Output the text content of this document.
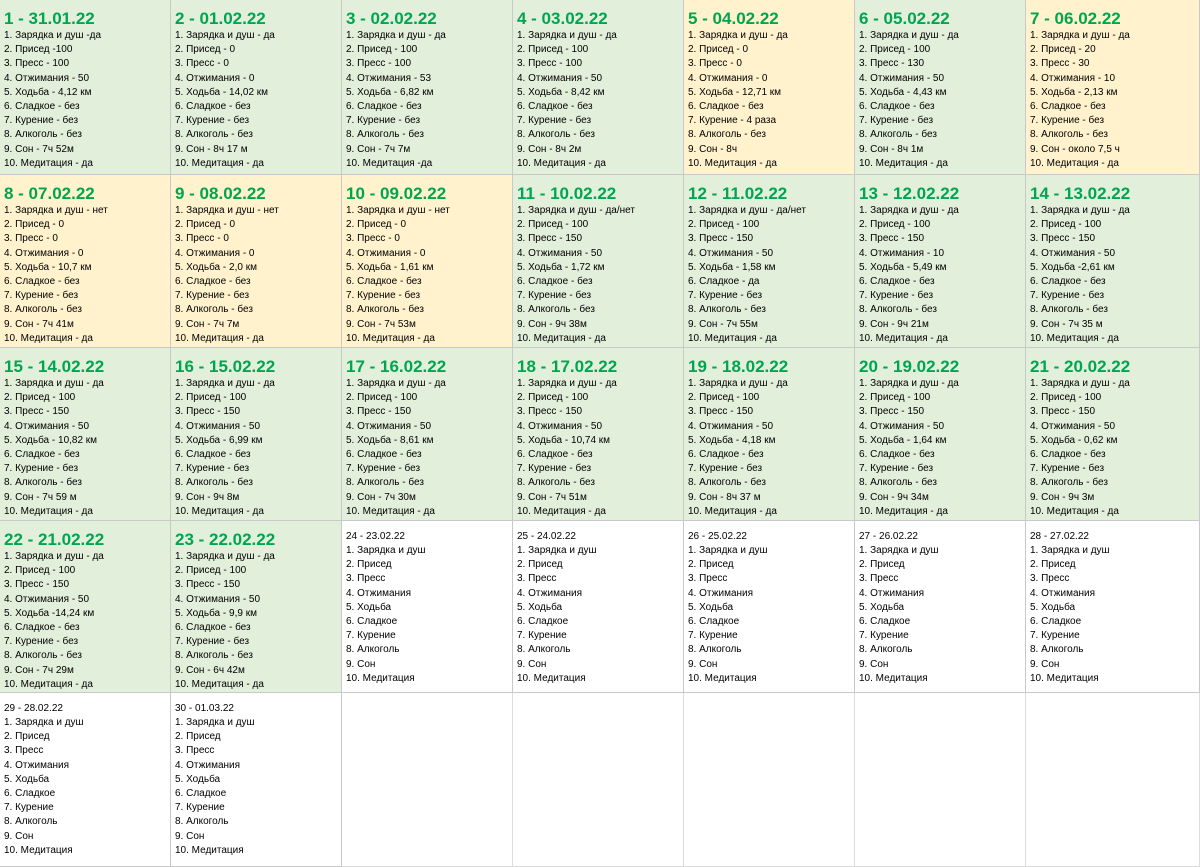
1 - 31.01.22
1. Зарядка и душ -да
2. Присед -100
3. Пресс - 100
4. Отжимания - 50
5. Ходьба - 4,12 км
6. Сладкое - без
7. Курение - без
8. Алкоголь - без
9. Сон - 7ч 52м
10. Медитация - да
2 - 01.02.22
1. Зарядка и душ - да
2. Присед - 0
3. Пресс - 0
4. Отжимания - 0
5. Ходьба - 14,02 км
6. Сладкое - без
7. Курение - без
8. Алкоголь - без
9. Сон - 8ч 17 м
10. Медитация - да
3 - 02.02.22
1. Зарядка и душ - да
2. Присед - 100
3. Пресс - 100
4. Отжимания - 53
5. Ходьба - 6,82 км
6. Сладкое - без
7. Курение - без
8. Алкоголь - без
9. Сон - 7ч 7м
10. Медитация -да
4 - 03.02.22
1. Зарядка и душ - да
2. Присед - 100
3. Пресс - 100
4. Отжимания - 50
5. Ходьба - 8,42 км
6. Сладкое - без
7. Курение - без
8. Алкоголь - без
9. Сон - 8ч 2м
10. Медитация - да
5 - 04.02.22
1. Зарядка и душ - да
2. Присед - 0
3. Пресс - 0
4. Отжимания - 0
5. Ходьба - 12,71 км
6. Сладкое - без
7. Курение - 4 раза
8. Алкоголь - без
9. Сон - 8ч
10. Медитация - да
6 - 05.02.22
1. Зарядка и душ - да
2. Присед - 100
3. Пресс - 130
4. Отжимания - 50
5. Ходьба - 4,43 км
6. Сладкое - без
7. Курение - без
8. Алкоголь - без
9. Сон - 8ч 1м
10. Медитация - да
7 - 06.02.22
1. Зарядка и душ - да
2. Присед - 20
3. Пресс - 30
4. Отжимания - 10
5. Ходьба - 2,13 км
6. Сладкое - без
7. Курение - без
8. Алкоголь - без
9. Сон - около 7,5 ч
10. Медитация - да
8 - 07.02.22
1. Зарядка и душ - нет
2. Присед - 0
3. Пресс - 0
4. Отжимания - 0
5. Ходьба - 10,7 км
6. Сладкое - без
7. Курение - без
8. Алкоголь - без
9. Сон - 7ч 41м
10. Медитация - да
9 - 08.02.22
1. Зарядка и душ - нет
2. Присед - 0
3. Пресс - 0
4. Отжимания - 0
5. Ходьба - 2,0 км
6. Сладкое - без
7. Курение - без
8. Алкоголь - без
9. Сон - 7ч 7м
10. Медитация - да
10 - 09.02.22
1. Зарядка и душ - нет
2. Присед - 0
3. Пресс - 0
4. Отжимания - 0
5. Ходьба - 1,61 км
6. Сладкое - без
7. Курение - без
8. Алкоголь - без
9. Сон - 7ч 53м
10. Медитация - да
11 - 10.02.22
1. Зарядка и душ - да/нет
2. Присед - 100
3. Пресс - 150
4. Отжимания - 50
5. Ходьба - 1,72 км
6. Сладкое - без
7. Курение - без
8. Алкоголь - без
9. Сон - 9ч 38м
10. Медитация - да
12 - 11.02.22
1. Зарядка и душ - да/нет
2. Присед - 100
3. Пресс - 150
4. Отжимания - 50
5. Ходьба - 1,58 км
6. Сладкое - да
7. Курение - без
8. Алкоголь - без
9. Сон - 7ч 55м
10. Медитация - да
13 - 12.02.22
1. Зарядка и душ - да
2. Присед - 100
3. Пресс - 150
4. Отжимания - 10
5. Ходьба - 5,49 км
6. Сладкое - без
7. Курение - без
8. Алкоголь - без
9. Сон - 9ч 21м
10. Медитация - да
14 - 13.02.22
1. Зарядка и душ - да
2. Присед - 100
3. Пресс - 150
4. Отжимания - 50
5. Ходьба -2,61 км
6. Сладкое - без
7. Курение - без
8. Алкоголь - без
9. Сон - 7ч 35 м
10. Медитация - да
15 - 14.02.22
1. Зарядка и душ - да
2. Присед - 100
3. Пресс - 150
4. Отжимания - 50
5. Ходьба - 10,82 км
6. Сладкое - без
7. Курение - без
8. Алкоголь - без
9. Сон - 7ч 59 м
10. Медитация - да
16 - 15.02.22
1. Зарядка и душ - да
2. Присед - 100
3. Пресс - 150
4. Отжимания - 50
5. Ходьба - 6,99 км
6. Сладкое - без
7. Курение - без
8. Алкоголь - без
9. Сон - 9ч 8м
10. Медитация - да
17 - 16.02.22
1. Зарядка и душ - да
2. Присед - 100
3. Пресс - 150
4. Отжимания - 50
5. Ходьба - 8,61 км
6. Сладкое - без
7. Курение - без
8. Алкоголь - без
9. Сон - 7ч 30м
10. Медитация - да
18 - 17.02.22
1. Зарядка и душ - да
2. Присед - 100
3. Пресс - 150
4. Отжимания - 50
5. Ходьба - 10,74 км
6. Сладкое - без
7. Курение - без
8. Алкоголь - без
9. Сон - 7ч 51м
10. Медитация - да
19 - 18.02.22
1. Зарядка и душ - да
2. Присед - 100
3. Пресс - 150
4. Отжимания - 50
5. Ходьба - 4,18 км
6. Сладкое - без
7. Курение - без
8. Алкоголь - без
9. Сон - 8ч 37 м
10. Медитация - да
20 - 19.02.22
1. Зарядка и душ - да
2. Присед - 100
3. Пресс - 150
4. Отжимания - 50
5. Ходьба - 1,64 км
6. Сладкое - без
7. Курение - без
8. Алкоголь - без
9. Сон - 9ч 34м
10. Медитация - да
21 - 20.02.22
1. Зарядка и душ - да
2. Присед - 100
3. Пресс - 150
4. Отжимания - 50
5. Ходьба - 0,62 км
6. Сладкое - без
7. Курение - без
8. Алкоголь - без
9. Сон - 9ч 3м
10. Медитация - да
22 - 21.02.22
1. Зарядка и душ - да
2. Присед - 100
3. Пресс - 150
4. Отжимания - 50
5. Ходьба -14,24 км
6. Сладкое - без
7. Курение - без
8. Алкоголь - без
9. Сон - 7ч 29м
10. Медитация - да
23 - 22.02.22
1. Зарядка и душ - да
2. Присед - 100
3. Пресс - 150
4. Отжимания - 50
5. Ходьба - 9,9 км
6. Сладкое - без
7. Курение - без
8. Алкоголь - без
9. Сон - 6ч 42м
10. Медитация - да
24 - 23.02.22
1. Зарядка и душ
2. Присед
3. Пресс
4. Отжимания
5. Ходьба
6. Сладкое
7. Курение
8. Алкоголь
9. Сон
10. Медитация
25 - 24.02.22
1. Зарядка и душ
2. Присед
3. Пресс
4. Отжимания
5. Ходьба
6. Сладкое
7. Курение
8. Алкоголь
9. Сон
10. Медитация
26 - 25.02.22
1. Зарядка и душ
2. Присед
3. Пресс
4. Отжимания
5. Ходьба
6. Сладкое
7. Курение
8. Алкоголь
9. Сон
10. Медитация
27 - 26.02.22
1. Зарядка и душ
2. Присед
3. Пресс
4. Отжимания
5. Ходьба
6. Сладкое
7. Курение
8. Алкоголь
9. Сон
10. Медитация
28 - 27.02.22
1. Зарядка и душ
2. Присед
3. Пресс
4. Отжимания
5. Ходьба
6. Сладкое
7. Курение
8. Алкоголь
9. Сон
10. Медитация
29 - 28.02.22
1. Зарядка и душ
2. Присед
3. Пресс
4. Отжимания
5. Ходьба
6. Сладкое
7. Курение
8. Алкоголь
9. Сон
10. Медитация
30 - 01.03.22
1. Зарядка и душ
2. Присед
3. Пресс
4. Отжимания
5. Ходьба
6. Сладкое
7. Курение
8. Алкоголь
9. Сон
10. Медитация
